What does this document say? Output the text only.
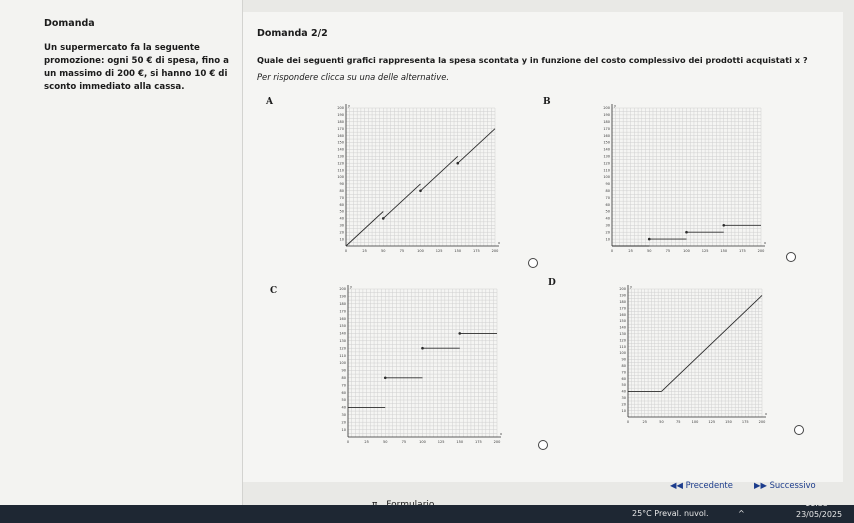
Domanda
Un supermercato fa la seguente promozione: ogni 50 € di spesa, fino a un massimo di 200 €, si hanno 10 € di sconto immediato alla cassa.
Domanda 2/2
Quale dei seguenti grafici rappresenta la spesa scontata y in funzione del costo complessivo dei prodotti acquistati x ?
Per rispondere clicca su una delle alternative.
A	B
C
D
x
y
0	25	50	75	100	125	150	175	200
10
20
30
40
50
60
70
80
90
100
110
120
130
140
150
160
170
180
190
200
x
y
0	25	50	75	100	125	150	175	200
10
20
30
40
50
60
70
80
90
100
110
120
130
140
150
160
170
180
190
200
x
y
0	25	50	75	100	125	150	175	200
10
20
30
40
50
60
70
80
90
100
110
120
130
140
150
160
170
180
190
200
x
y
0	25	50	75	100	125	150	175	200
10
20
30
40
50
60
70
80
90
100
110
120
130
140
150
160
170
180
190
200
◀◀ Precedente	▶▶ Successivo
25°C Preval. nuvol.	^
11:35
23/05/2025
